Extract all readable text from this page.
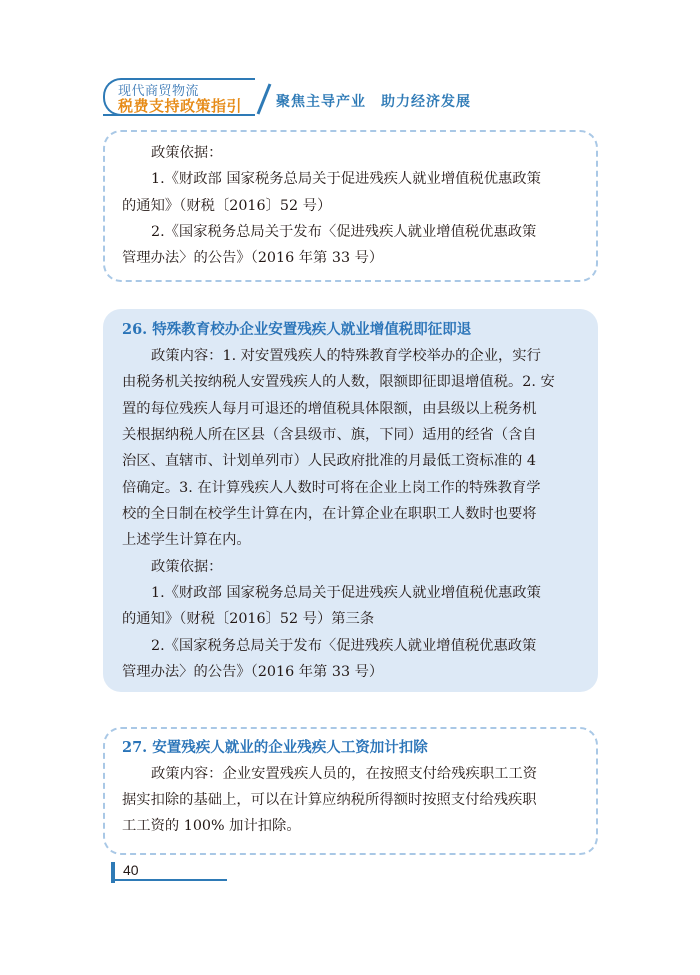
现代商贸物流
税费支持政策指引 聚焦主导产业　助力经济发展
政策依据：
1.《财政部 国家税务总局关于促进残疾人就业增值税优惠政策
的通知》（财税〔2016〕52 号）
2.《国家税务总局关于发布〈促进残疾人就业增值税优惠政策
管理办法〉的公告》（2016 年第 33 号）
26. 特殊教育校办企业安置残疾人就业增值税即征即退
政策内容：1. 对安置残疾人的特殊教育学校举办的企业，实行
由税务机关按纳税人安置残疾人的人数，限额即征即退增值税。2. 安
置的每位残疾人每月可退还的增值税具体限额，由县级以上税务机
关根据纳税人所在区县（含县级市、旗，下同）适用的经省（含自
治区、直辖市、计划单列市）人民政府批准的月最低工资标准的 4
倍确定。3. 在计算残疾人人数时可将在企业上岗工作的特殊教育学
校的全日制在校学生计算在内，在计算企业在职职工人数时也要将
上述学生计算在内。
政策依据：
1.《财政部 国家税务总局关于促进残疾人就业增值税优惠政策
的通知》（财税〔2016〕52 号）第三条
2.《国家税务总局关于发布〈促进残疾人就业增值税优惠政策
管理办法〉的公告》（2016 年第 33 号）
27. 安置残疾人就业的企业残疾人工资加计扣除
政策内容：企业安置残疾人员的，在按照支付给残疾职工工资
据实扣除的基础上，可以在计算应纳税所得额时按照支付给残疾职
工工资的 100% 加计扣除。
40
